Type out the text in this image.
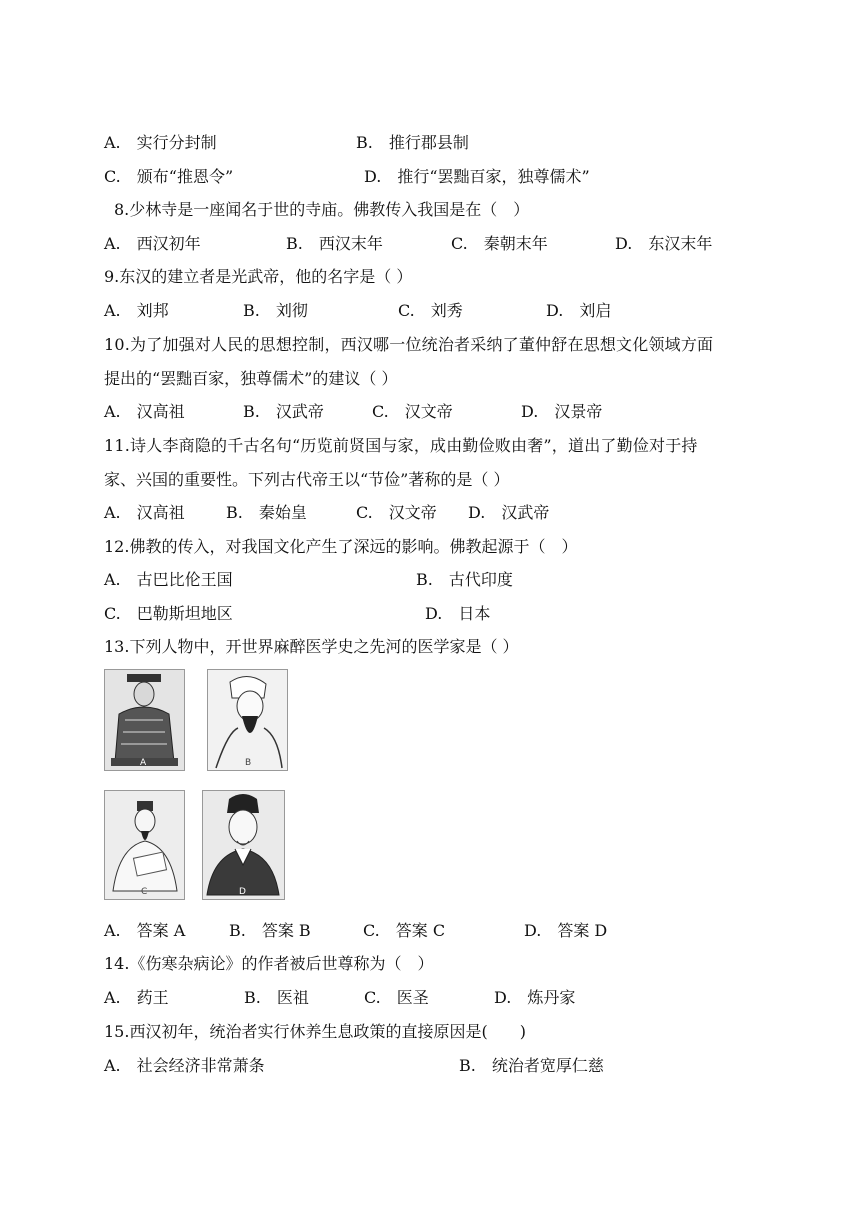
A.　实行分封制	B.　推行郡县制
C.　颁布“推恩令”	D.　推行“罢黜百家，独尊儒术”
8.少林寺是一座闻名于世的寺庙。佛教传入我国是在（　）
A.　西汉初年	B.　西汉末年	C.　秦朝末年	D.　东汉末年
9.东汉的建立者是光武帝，他的名字是（ ）
A.　刘邦	B.　刘彻	C.　刘秀	D.　刘启
10.为了加强对人民的思想控制，西汉哪一位统治者采纳了董仲舒在思想文化领域方面
提出的“罢黜百家，独尊儒术”的建议（ ）
A.　汉高祖	B.　汉武帝	C.　汉文帝	D.　汉景帝
11.诗人李商隐的千古名句“历览前贤国与家，成由勤俭败由奢”，道出了勤俭对于持
家、兴国的重要性。下列古代帝王以“节俭”著称的是（ ）
A.　汉高祖	B.　秦始皇	C.　汉文帝 D.　汉武帝
12.佛教的传入，对我国文化产生了深远的影响。佛教起源于（　）
A.　古巴比伦王国	B.　古代印度
C.　巴勒斯坦地区	D.　日本
13.下列人物中，开世界麻醉医学史之先河的医学家是（ ）
A	B
C	D
A.　答案 A	B.　答案 B	C.　答案 C	D.　答案 D
14.《伤寒杂病论》的作者被后世尊称为（　）
A.　药王	B.　医祖	C.　医圣	D.　炼丹家
15.西汉初年，统治者实行休养生息政策的直接原因是(　　)
A.　社会经济非常萧条	B.　统治者宽厚仁慈
